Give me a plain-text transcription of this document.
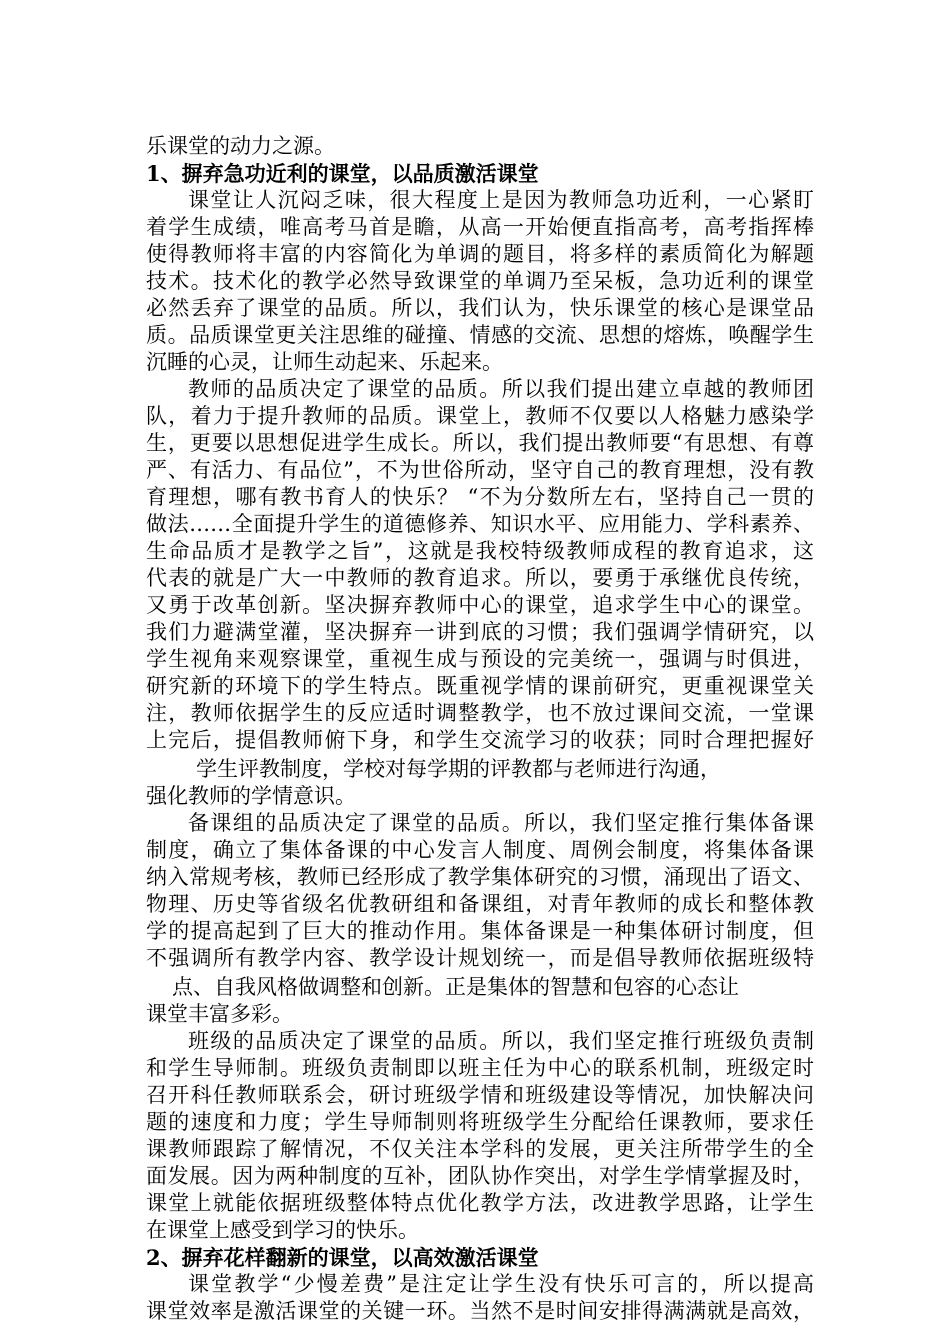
乐课堂的动力之源。
1、摒弃急功近利的课堂，以品质激活课堂
课堂让人沉闷乏味，很大程度上是因为教师急功近利，一心紧盯
着学生成绩，唯高考马首是瞻，从高一开始便直指高考，高考指挥棒
使得教师将丰富的内容简化为单调的题目，将多样的素质简化为解题
技术。技术化的教学必然导致课堂的单调乃至呆板，急功近利的课堂
必然丢弃了课堂的品质。所以，我们认为，快乐课堂的核心是课堂品
质。品质课堂更关注思维的碰撞、情感的交流、思想的熔炼，唤醒学生
沉睡的心灵，让师生动起来、乐起来。
教师的品质决定了课堂的品质。所以我们提出建立卓越的教师团
队，着力于提升教师的品质。课堂上，教师不仅要以人格魅力感染学
生，更要以思想促进学生成长。所以，我们提出教师要“有思想、有尊
严、有活力、有品位”，不为世俗所动，坚守自己的教育理想，没有教
育理想，哪有教书育人的快乐？ “不为分数所左右，坚持自己一贯的
做法……全面提升学生的道德修养、知识水平、应用能力、学科素养、
生命品质才是教学之旨”，这就是我校特级教师成程的教育追求，这
代表的就是广大一中教师的教育追求。所以，要勇于承继优良传统，
又勇于改革创新。坚决摒弃教师中心的课堂，追求学生中心的课堂。
我们力避满堂灌，坚决摒弃一讲到底的习惯；我们强调学情研究，以
学生视角来观察课堂，重视生成与预设的完美统一，强调与时俱进，
研究新的环境下的学生特点。既重视学情的课前研究，更重视课堂关
注，教师依据学生的反应适时调整教学，也不放过课间交流，一堂课
上完后，提倡教师俯下身，和学生交流学习的收获；同时合理把握好
学生评教制度，学校对每学期的评教都与老师进行沟通，
强化教师的学情意识。
备课组的品质决定了课堂的品质。所以，我们坚定推行集体备课
制度，确立了集体备课的中心发言人制度、周例会制度，将集体备课
纳入常规考核，教师已经形成了教学集体研究的习惯，涌现出了语文、
物理、历史等省级名优教研组和备课组，对青年教师的成长和整体教
学的提高起到了巨大的推动作用。集体备课是一种集体研讨制度，但
不强调所有教学内容、教学设计规划统一，而是倡导教师依据班级特
点、自我风格做调整和创新。正是集体的智慧和包容的心态让
课堂丰富多彩。
班级的品质决定了课堂的品质。所以，我们坚定推行班级负责制
和学生导师制。班级负责制即以班主任为中心的联系机制，班级定时
召开科任教师联系会，研讨班级学情和班级建设等情况，加快解决问
题的速度和力度；学生导师制则将班级学生分配给任课教师，要求任
课教师跟踪了解情况，不仅关注本学科的发展，更关注所带学生的全
面发展。因为两种制度的互补，团队协作突出，对学生学情掌握及时，
课堂上就能依据班级整体特点优化教学方法，改进教学思路，让学生
在课堂上感受到学习的快乐。
2、摒弃花样翻新的课堂，以高效激活课堂
课堂教学“少慢差费”是注定让学生没有快乐可言的，所以提高
课堂效率是激活课堂的关键一环。当然不是时间安排得满满就是高效，
